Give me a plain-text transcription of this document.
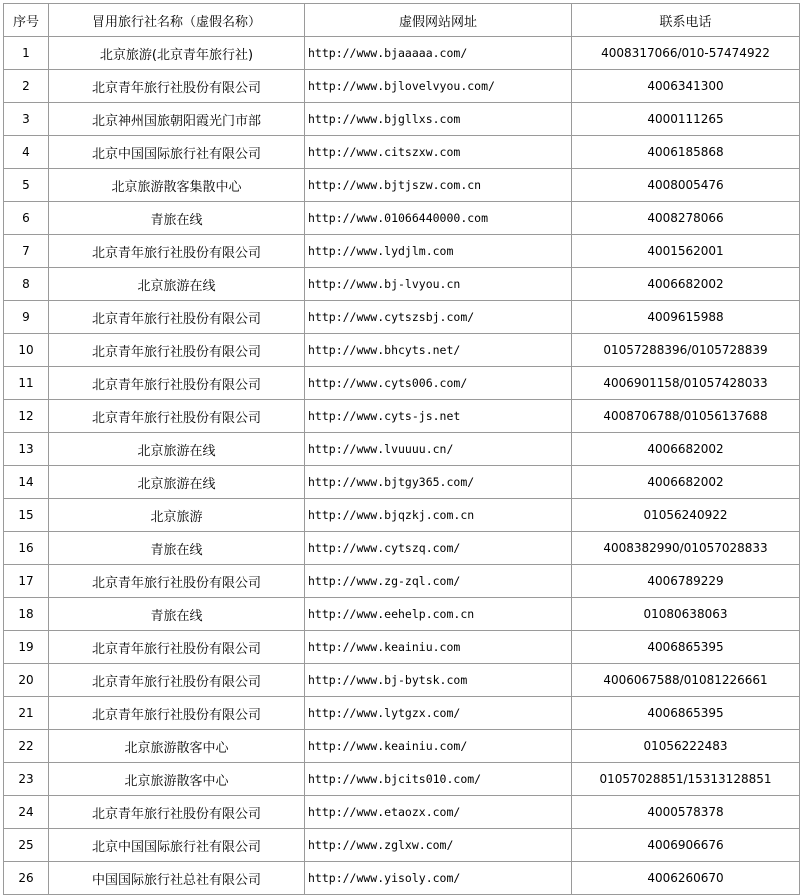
序号	冒用旅行社名称（虚假名称）	虚假网站网址	联系电话
1	北京旅游(北京青年旅行社)	http://www.bjaaaaa.com/	4008317066/010-57474922
2	北京青年旅行社股份有限公司	http://www.bjlovelvyou.com/	4006341300
3	北京神州国旅朝阳霞光门市部	http://www.bjgllxs.com	4000111265
4	北京中国国际旅行社有限公司	http://www.citszxw.com	4006185868
5	北京旅游散客集散中心	http://www.bjtjszw.com.cn	4008005476
6	青旅在线	http://www.01066440000.com	4008278066
7	北京青年旅行社股份有限公司	http://www.lydjlm.com	4001562001
8	北京旅游在线	http://www.bj-lvyou.cn	4006682002
9	北京青年旅行社股份有限公司	http://www.cytszsbj.com/	4009615988
10	北京青年旅行社股份有限公司	http://www.bhcyts.net/	01057288396/0105728839
11	北京青年旅行社股份有限公司	http://www.cyts006.com/	4006901158/01057428033
12	北京青年旅行社股份有限公司	http://www.cyts-js.net	4008706788/01056137688
13	北京旅游在线	http://www.lvuuuu.cn/	4006682002
14	北京旅游在线	http://www.bjtgy365.com/	4006682002
15	北京旅游	http://www.bjqzkj.com.cn	01056240922
16	青旅在线	http://www.cytszq.com/	4008382990/01057028833
17	北京青年旅行社股份有限公司	http://www.zg-zql.com/	4006789229
18	青旅在线	http://www.eehelp.com.cn	01080638063
19	北京青年旅行社股份有限公司	http://www.keainiu.com	4006865395
20	北京青年旅行社股份有限公司	http://www.bj-bytsk.com	4006067588/01081226661
21	北京青年旅行社股份有限公司	http://www.lytgzx.com/	4006865395
22	北京旅游散客中心	http://www.keainiu.com/	01056222483
23	北京旅游散客中心	http://www.bjcits010.com/	01057028851/15313128851
24	北京青年旅行社股份有限公司	http://www.etaozx.com/	4000578378
25	北京中国国际旅行社有限公司	http://www.zglxw.com/	4006906676
26	中国国际旅行社总社有限公司	http://www.yisoly.com/	4006260670
